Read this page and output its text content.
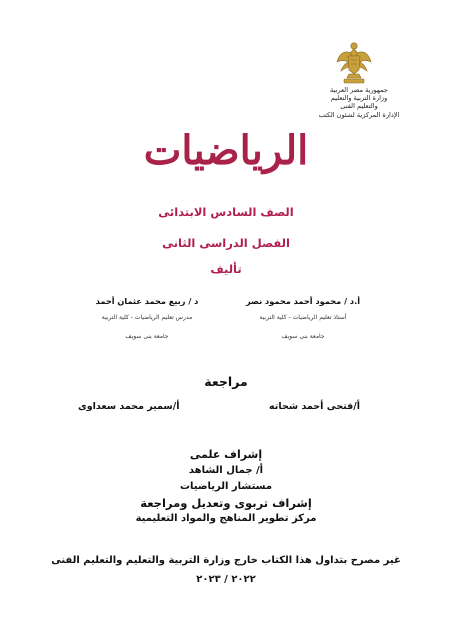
جمهورية مصر العربية
وزارة التربية والتعليم
والتعليم الفنى
الإدارة المركزية لشئون الكتب
الرياضيات
الصف السادس الابتدائى
الفصل الدراسى الثانى
تأليف
أ.د / محمود أحمد محمود نصر
أستاذ تعليم الرياضيات - كلية التربية
جامعة بنى سويف
د / ربيع محمد عثمان أحمد
مدرس تعليم الرياضيات - كلية التربية
جامعة بنى سويف
مراجعة
أ/فتحى أحمد شحاته
أ/سمير محمد سعداوى
إشراف علمى
أ/ جمال الشاهد
مستشار الرياضيات
إشراف تربوى وتعديل ومراجعة
مركز تطوير المناهج والمواد التعليمية
غير مصرح بتداول هذا الكتاب خارج وزارة التربية والتعليم والتعليم الفنى
٢٠٢٢ / ٢٠٢٣
